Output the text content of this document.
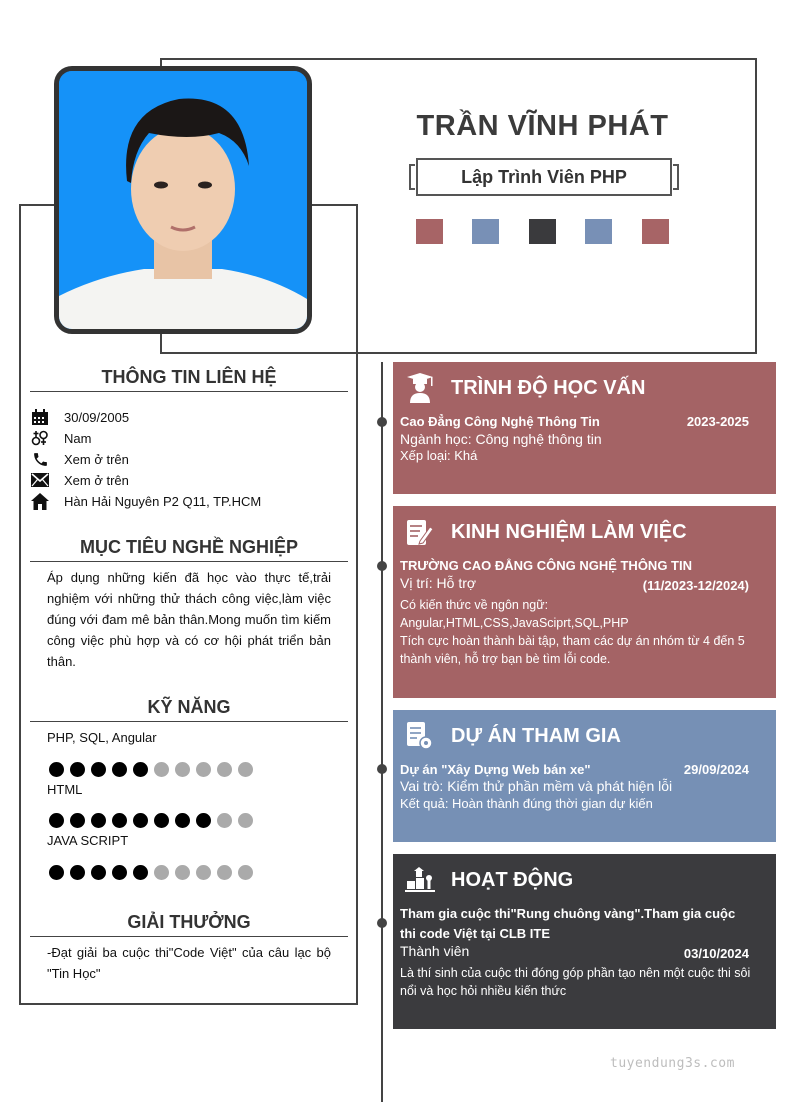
TRẦN VĨNH PHÁT
Lập Trình Viên PHP
THÔNG TIN LIÊN HỆ
30/09/2005
Nam
Xem ở trên
Xem ở trên
Hàn Hải Nguyên P2 Q11, TP.HCM
MỤC TIÊU NGHỀ NGHIỆP
Áp dụng những kiến đã học vào thực tế,trải nghiệm với những thử thách công việc,làm việc đúng với đam mê bản thân.Mong muốn tìm kiếm công việc phù hợp và có cơ hội phát triển bản thân.
KỸ NĂNG
PHP, SQL, Angular
HTML
JAVA SCRIPT
GIẢI THƯỞNG
-Đạt giải ba cuộc thi"Code Việt" của câu lạc bộ "Tin Học"
TRÌNH ĐỘ HỌC VẤN
Cao Đẳng Công Nghệ Thông Tin	2023-2025
Ngành học: Công nghệ thông tin
Xếp loại: Khá
KINH NGHIỆM LÀM VIỆC
TRƯỜNG CAO ĐẲNG CÔNG NGHỆ THÔNG TIN
Vị trí: Hỗ trợ	(11/2023-12/2024)
Có kiến thức về ngôn ngữ:
Angular,HTML,CSS,JavaSciprt,SQL,PHP
Tích cực hoàn thành bài tập, tham các dự án nhóm từ 4 đến 5 thành viên, hỗ trợ bạn bè tìm lỗi code.
DỰ ÁN THAM GIA
Dự án "Xây Dựng Web bán xe"	29/09/2024
Vai trò: Kiểm thử phần mềm và phát hiện lỗi
Kết quả: Hoàn thành đúng thời gian dự kiến
HOẠT ĐỘNG
Tham gia cuộc thi"Rung chuông vàng".Tham gia cuộc thi code Việt tại CLB ITE
Thành viên	03/10/2024
Là thí sinh của cuộc thi đóng góp phần tạo nên một cuộc thi sôi nổi và học hỏi nhiều kiến thức
tuyendung3s.com
